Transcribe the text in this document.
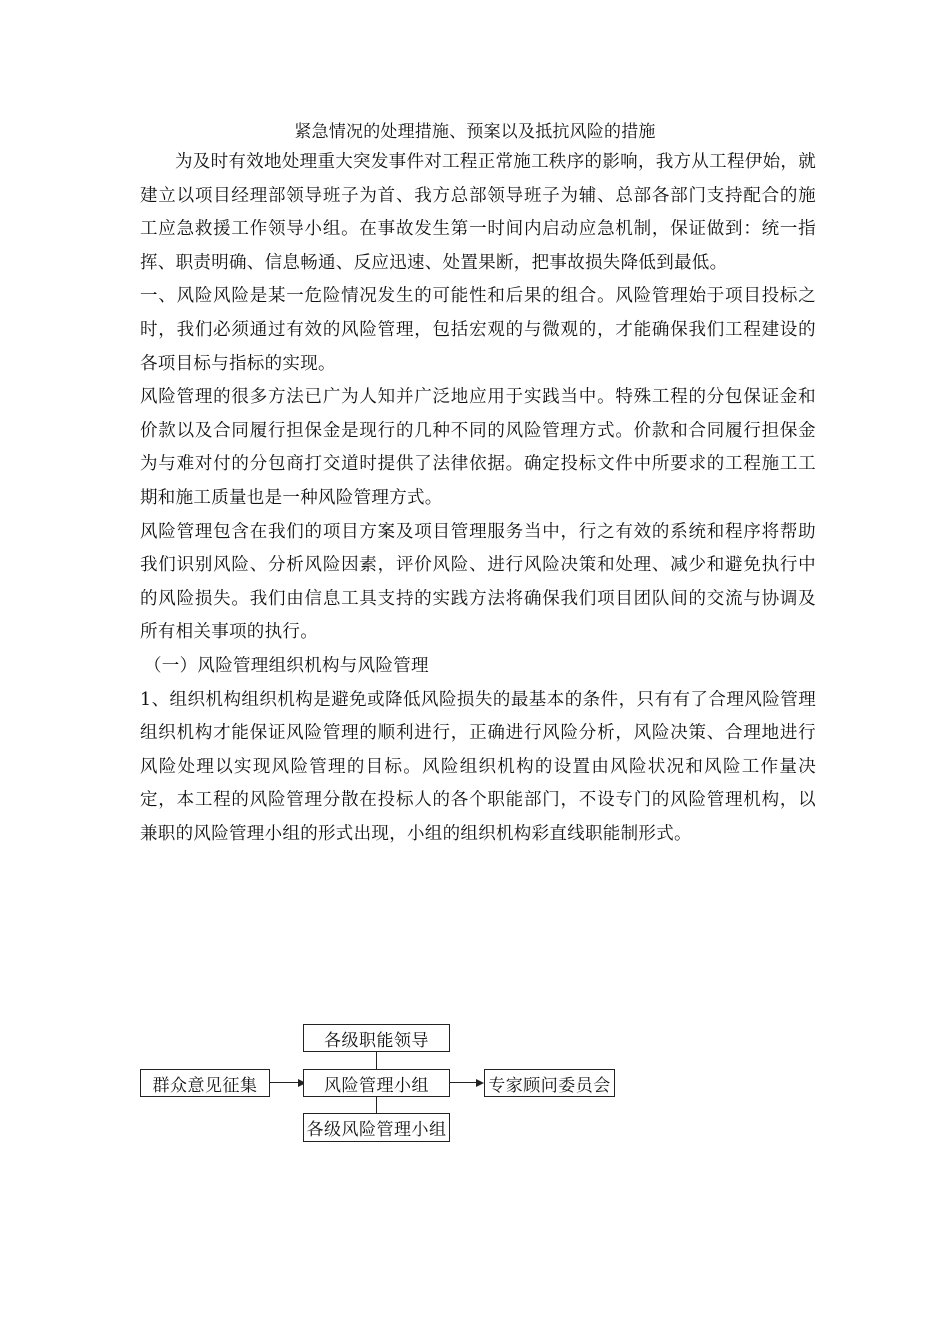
紧急情况的处理措施、预案以及抵抗风险的措施

为及时有效地处理重大突发事件对工程正常施工秩序的影响，我方从工程伊始，就建立以项目经理部领导班子为首、我方总部领导班子为辅、总部各部门支持配合的施工应急救援工作领导小组。在事故发生第一时间内启动应急机制，保证做到：统一指挥、职责明确、信息畅通、反应迅速、处置果断，把事故损失降低到最低。

一、风险风险是某一危险情况发生的可能性和后果的组合。风险管理始于项目投标之时，我们必须通过有效的风险管理，包括宏观的与微观的，才能确保我们工程建设的各项目标与指标的实现。

风险管理的很多方法已广为人知并广泛地应用于实践当中。特殊工程的分包保证金和价款以及合同履行担保金是现行的几种不同的风险管理方式。价款和合同履行担保金为与难对付的分包商打交道时提供了法律依据。确定投标文件中所要求的工程施工工期和施工质量也是一种风险管理方式。

风险管理包含在我们的项目方案及项目管理服务当中，行之有效的系统和程序将帮助我们识别风险、分析风险因素，评价风险、进行风险决策和处理、减少和避免执行中的风险损失。我们由信息工具支持的实践方法将确保我们项目团队间的交流与协调及所有相关事项的执行。

（一）风险管理组织机构与风险管理

1、组织机构组织机构是避免或降低风险损失的最基本的条件，只有有了合理风险管理组织机构才能保证风险管理的顺利进行，正确进行风险分析，风险决策、合理地进行风险处理以实现风险管理的目标。风险组织机构的设置由风险状况和风险工作量决定，本工程的风险管理分散在投标人的各个职能部门，不设专门的风险管理机构，以兼职的风险管理小组的形式出现，小组的组织机构彩直线职能制形式。

各级职能领导
群众意见征集	风险管理小组	专家顾问委员会
各级风险管理小组
